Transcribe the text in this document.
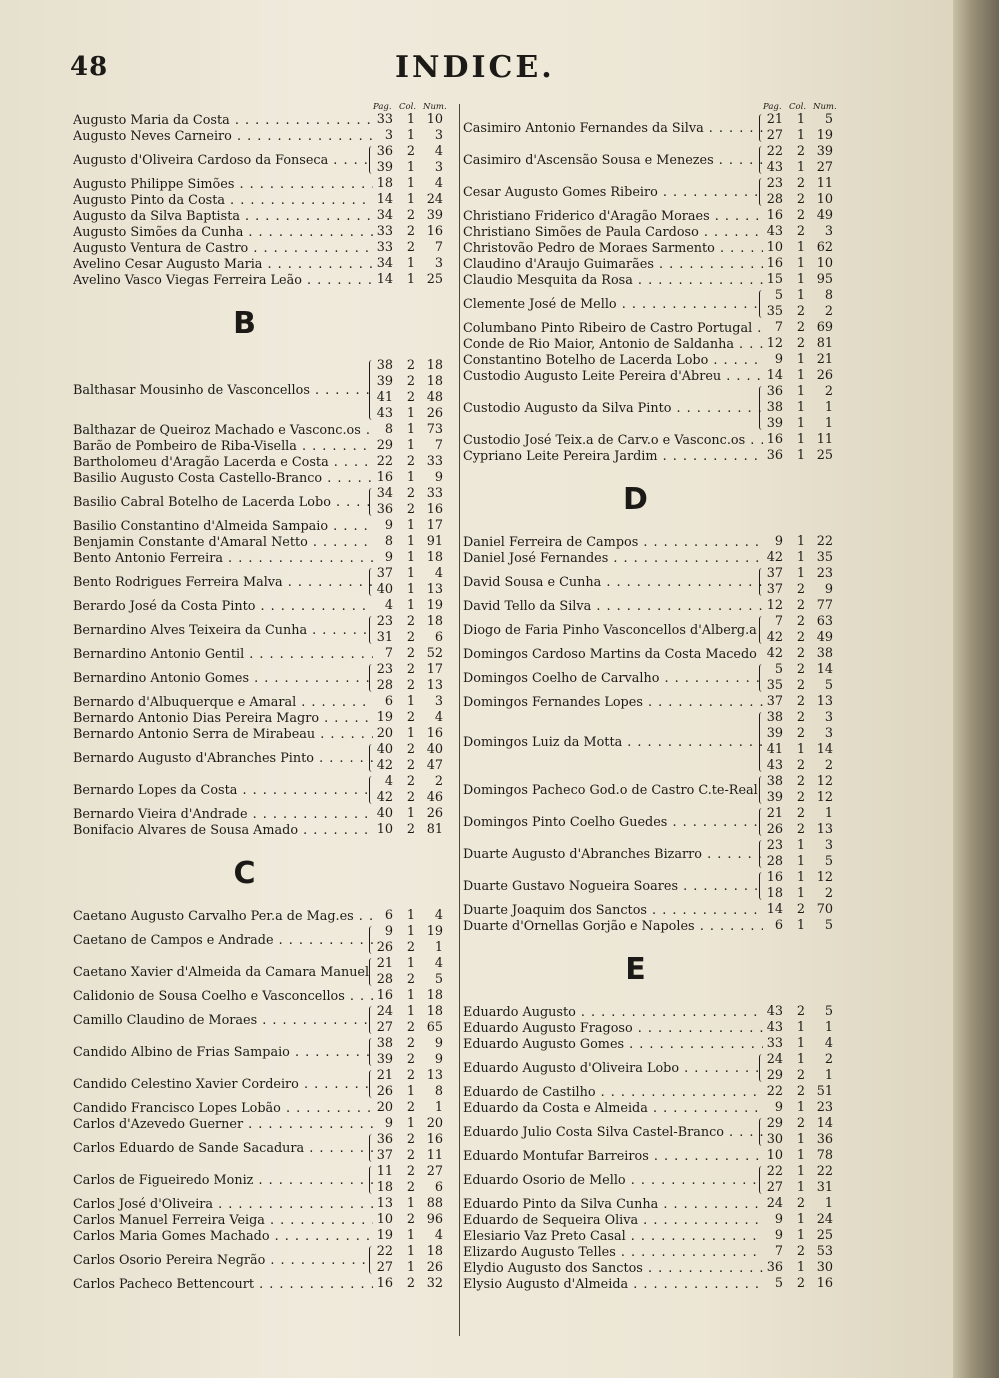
48	INDICE.
Pag. Col. Num.
Augusto Maria da Costa . . .	33	1 10
Augusto Neves Carneiro . . .	3	1	3
Augusto d'Oliveira Cardoso da Fonseca . . .
36	2	4
39	1	3
Augusto Philippe Simões . . .	18	1	4
Augusto Pinto da Costa . . .	14	1 24
Augusto da Silva Baptista . . .	34	2 39
Augusto Simões da Cunha . . .	33	2 16
Augusto Ventura de Castro . . .	33	2	7
Avelino Cesar Augusto Maria . . .	34	1	3
Avelino Vasco Viegas Ferreira Leão . . .	14	1 25
B
Balthasar Mousinho de Vasconcellos . . .
38	2 18
39	2 18
41	2 48
43	1 26
Balthazar de Queiroz Machado e Vasconc.os . . .	8	1 73
Barão de Pombeiro de Riba-Visella . . .	29	1	7
Bartholomeu d'Aragão Lacerda e Costa . . .	22	2 33
Basilio Augusto Costa Castello-Branco . . .	16	1	9
Basilio Cabral Botelho de Lacerda Lobo . . .
34	2 33
36	2 16
Basilio Constantino d'Almeida Sampaio . . .	9	1 17
Benjamin Constante d'Amaral Netto . . .	8	1 91
Bento Antonio Ferreira . . .	9	1 18
Bento Rodrigues Ferreira Malva . . .
37	1	4
40	1 13
Berardo José da Costa Pinto . . .	4	1 19
Bernardino Alves Teixeira da Cunha . . .
23	2 18
31	2	6
Bernardino Antonio Gentil . . .	7	2 52
Bernardino Antonio Gomes . . .
23	2 17
28	2 13
Bernardo d'Albuquerque e Amaral . . .	6	1	3
Bernardo Antonio Dias Pereira Magro . . .	19	2	4
Bernardo Antonio Serra de Mirabeau . . .	20	1 16
Bernardo Augusto d'Abranches Pinto . . .
40	2 40
42	2 47
Bernardo Lopes da Costa . . .
4	2	2
42	2 46
Bernardo Vieira d'Andrade . . .	40	1 26
Bonifacio Alvares de Sousa Amado . . .	10	2 81
C
Caetano Augusto Carvalho Per.a de Mag.es . . .	6	1	4
Caetano de Campos e Andrade . . .
9	1 19
26	2	1
Caetano Xavier d'Almeida da Camara Manuel . . .
21	1	4
28	2	5
Calidonio de Sousa Coelho e Vasconcellos . . .	16	1 18
Camillo Claudino de Moraes . . .
24	1 18
27	2 65
Candido Albino de Frias Sampaio . . .
38	2	9
39	2	9
Candido Celestino Xavier Cordeiro . . .
21	2 13
26	1	8
Candido Francisco Lopes Lobão . . .	20	2	1
Carlos d'Azevedo Guerner . . .	9	1 20
Carlos Eduardo de Sande Sacadura . . .
36	2 16
37	2 11
Carlos de Figueiredo Moniz . . .
11	2 27
18	2	6
Carlos José d'Oliveira . . .	13	1 88
Carlos Manuel Ferreira Veiga . . .	10	2 96
Carlos Maria Gomes Machado . . .	19	1	4
Carlos Osorio Pereira Negrão . . .
22	1 18
27	1 26
Carlos Pacheco Bettencourt . . .	16	2 32
Pag. Col. Num.
Casimiro Antonio Fernandes da Silva . . .
21	1	5
27	1 19
Casimiro d'Ascensão Sousa e Menezes . . .
22	2 39
43	1 27
Cesar Augusto Gomes Ribeiro . . .
23	2 11
28	2 10
Christiano Friderico d'Aragão Moraes . . .	16	2 49
Christiano Simões de Paula Cardoso . . .	43	2	3
Christovão Pedro de Moraes Sarmento . . .	10	1 62
Claudino d'Araujo Guimarães . . .	16	1 10
Claudio Mesquita da Rosa . . .	15	1 95
Clemente José de Mello . . .
5	1	8
35	2	2
Columbano Pinto Ribeiro de Castro Portugal . . .	7	2 69
Conde de Rio Maior, Antonio de Saldanha . . .	12	2 81
Constantino Botelho de Lacerda Lobo . . .	9	1 21
Custodio Augusto Leite Pereira d'Abreu . . .	14	1 26
Custodio Augusto da Silva Pinto . . .
36	1	2
38	1	1
39	1	1
Custodio José Teix.a de Carv.o e Vasconc.os . . .	16	1 11
Cypriano Leite Pereira Jardim . . .	36	1 25
D
Daniel Ferreira de Campos . . .	9	1 22
Daniel José Fernandes . . .	42	1 35
David Sousa e Cunha . . .
37	1 23
37	2	9
David Tello da Silva . . .	12	2 77
Diogo de Faria Pinho Vasconcellos d'Alberg.a . . .
7	2 63
42	2 49
Domingos Cardoso Martins da Costa Macedo . . . 42	2 38
Domingos Coelho de Carvalho . . .
5	2 14
35	2	5
Domingos Fernandes Lopes . . .	37	2 13
Domingos Luiz da Motta . . .
38	2	3
39	2	3
41	1 14
43	2	2
Domingos Pacheco God.o de Castro C.te-Real . . .
38	2 12
39	2 12
Domingos Pinto Coelho Guedes . . .
21	2	1
26	2 13
Duarte Augusto d'Abranches Bizarro . . .
23	1	3
28	1	5
Duarte Gustavo Nogueira Soares . . .
16	1 12
18	1	2
Duarte Joaquim dos Sanctos . . .	14	2 70
Duarte d'Ornellas Gorjão e Napoles . . .	6	1	5
E
Eduardo Augusto . . .	43	2	5
Eduardo Augusto Fragoso . . .	43	1	1
Eduardo Augusto Gomes . . .	33	1	4
Eduardo Augusto d'Oliveira Lobo . . .
24	1	2
29	2	1
Eduardo de Castilho . . .	22	2 51
Eduardo da Costa e Almeida . . .	9	1 23
Eduardo Julio Costa Silva Castel-Branco . . .
29	2 14
30	1 36
Eduardo Montufar Barreiros . . .	10	1 78
Eduardo Osorio de Mello . . .
22	1 22
27	1 31
Eduardo Pinto da Silva Cunha . . .	24	2	1
Eduardo de Sequeira Oliva . . .	9	1 24
Elesiario Vaz Preto Casal . . .	9	1 25
Elizardo Augusto Telles . . .	7	2 53
Elydio Augusto dos Sanctos . . .	36	1 30
Elysio Augusto d'Almeida . . .	5	2 16
